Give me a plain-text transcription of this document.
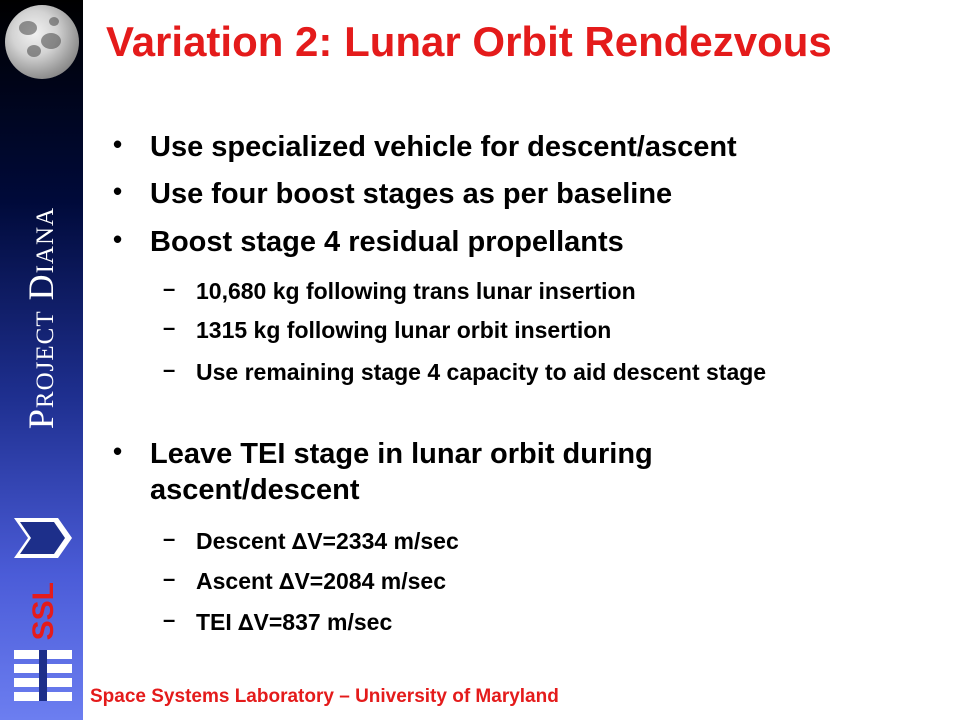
Project Diana
SSL
Variation 2: Lunar Orbit Rendezvous
• Use specialized vehicle for descent/ascent
• Use four boost stages as per baseline
• Boost stage 4 residual propellants
– 10,680 kg following trans lunar insertion
– 1315 kg following lunar orbit insertion
– Use remaining stage 4 capacity to aid descent stage
• Leave TEI stage in lunar orbit during ascent/descent
– Descent ∆V=2334 m/sec
– Ascent ∆V=2084 m/sec
– TEI ∆V=837 m/sec
Space Systems Laboratory – University of Maryland
